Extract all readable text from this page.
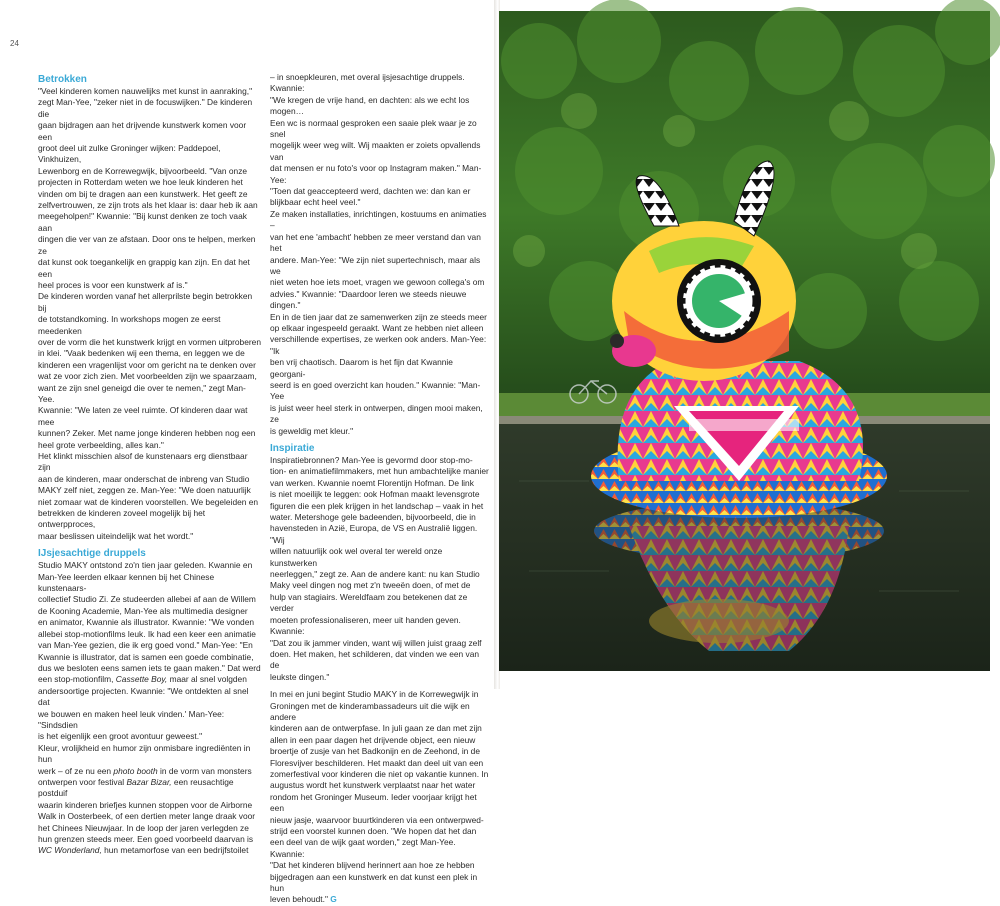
24
Betrokken
"Veel kinderen komen nauwelijks met kunst in aanraking,"
zegt Man-Yee, "zeker niet in de focuswijken." De kinderen die
gaan bijdragen aan het drijvende kunstwerk komen voor een
groot deel uit zulke Groninger wijken: Paddepoel, Vinkhuizen,
Lewenborg en de Korrewegwijk, bijvoorbeeld. "Van onze
projecten in Rotterdam weten we hoe leuk kinderen het
vinden om bij te dragen aan een kunstwerk. Het geeft ze
zelfvertrouwen, ze zijn trots als het klaar is: daar heb ik aan
meegeholpen!" Kwannie: "Bij kunst denken ze toch vaak aan
dingen die ver van ze afstaan. Door ons te helpen, merken ze
dat kunst ook toegankelijk en grappig kan zijn. En dat het een
heel proces is voor een kunstwerk af is."
De kinderen worden vanaf het allerprilste begin betrokken bij
de totstandkoming. In workshops mogen ze eerst meedenken
over de vorm die het kunstwerk krijgt en vormen uitproberen
in klei. "Vaak bedenken wij een thema, en leggen we de
kinderen een vragenlijst voor om gericht na te denken over
wat ze voor zich zien. Met voorbeelden zijn we spaarzaam,
want ze zijn snel geneigd die over te nemen," zegt Man-Yee.
Kwannie: "We laten ze veel ruimte. Of kinderen daar wat mee
kunnen? Zeker. Met name jonge kinderen hebben nog een
heel grote verbeelding, alles kan."
Het klinkt misschien alsof de kunstenaars erg dienstbaar zijn
aan de kinderen, maar onderschat de inbreng van Studio
MAKY zelf niet, zeggen ze. Man-Yee: "We doen natuurlijk
niet zomaar wat de kinderen voorstellen. We begeleiden en
betrekken de kinderen zoveel mogelijk bij het ontwerpproces,
maar beslissen uiteindelijk wat het wordt."
IJsjesachtige druppels
Studio MAKY ontstond zo'n tien jaar geleden. Kwannie en
Man-Yee leerden elkaar kennen bij het Chinese kunstenaars-
collectief Studio Zi. Ze studeerden allebei af aan de Willem
de Kooning Academie, Man-Yee als multimedia designer
en animator, Kwannie als illustrator. Kwannie: "We vonden
allebei stop-motionfilms leuk. Ik had een keer een animatie
van Man-Yee gezien, die ik erg goed vond." Man-Yee: "En
Kwannie is illustrator, dat is samen een goede combinatie,
dus we besloten eens samen iets te gaan maken." Dat werd
een stop-motionfilm, Cassette Boy, maar al snel volgden
andersoortige projecten. Kwannie: "We ontdekten al snel dat
we bouwen en maken heel leuk vinden.' Man-Yee: "Sindsdien
is het eigenlijk een groot avontuur geweest."
Kleur, vrolijkheid en humor zijn onmisbare ingrediënten in hun
werk – of ze nu een photo booth in de vorm van monsters
ontwerpen voor festival Bazar Bizar, een reusachtige postduif
waarin kinderen briefjes kunnen stoppen voor de Airborne
Walk in Oosterbeek, of een dertien meter lange draak voor
het Chinees Nieuwjaar. In de loop der jaren verlegden ze
hun grenzen steeds meer. Een goed voorbeeld daarvan is
WC Wonderland, hun metamorfose van een bedrijfstoilet
– in snoepkleuren, met overal ijsjesachtige druppels. Kwannie:
"We kregen de vrije hand, en dachten: als we echt los mogen…
Een wc is normaal gesproken een saaie plek waar je zo snel
mogelijk weer weg wilt. Wij maakten er zoiets opvallends van
dat mensen er nu foto's voor op Instagram maken." Man-Yee:
"Toen dat geaccepteerd werd, dachten we: dan kan er
blijkbaar echt heel veel."
Ze maken installaties, inrichtingen, kostuums en animaties –
van het ene 'ambacht' hebben ze meer verstand dan van het
andere. Man-Yee: "We zijn niet supertechnisch, maar als we
niet weten hoe iets moet, vragen we gewoon collega's om
advies." Kwannie: "Daardoor leren we steeds nieuwe dingen."
En in de tien jaar dat ze samenwerken zijn ze steeds meer
op elkaar ingespeeld geraakt. Want ze hebben niet alleen
verschillende expertises, ze werken ook anders. Man-Yee: "Ik
ben vrij chaotisch. Daarom is het fijn dat Kwannie georgani-
seerd is en goed overzicht kan houden." Kwannie: "Man-Yee
is juist weer heel sterk in ontwerpen, dingen mooi maken, ze
is geweldig met kleur."
Inspiratie
Inspiratiebronnen? Man-Yee is gevormd door stop-mo-
tion- en animatiefilmmakers, met hun ambachtelijke manier
van werken. Kwannie noemt Florentijn Hofman. De link
is niet moeilijk te leggen: ook Hofman maakt levensgrote
figuren die een plek krijgen in het landschap – vaak in het
water. Metershoge gele badeenden, bijvoorbeeld, die in
havensteden in Azië, Europa, de VS en Australië liggen. "Wij
willen natuurlijk ook wel overal ter wereld onze kunstwerken
neerleggen," zegt ze. Aan de andere kant: nu kan Studio
Maky veel dingen nog met z'n tweeën doen, of met de
hulp van stagiairs. Wereldfaam zou betekenen dat ze verder
moeten professionaliseren, meer uit handen geven. Kwannie:
"Dat zou ik jammer vinden, want wij willen juist graag zelf
doen. Het maken, het schilderen, dat vinden we een van de
leukste dingen."
In mei en juni begint Studio MAKY in de Korrewegwijk in
Groningen met de kinderambassadeurs uit die wijk en andere
kinderen aan de ontwerpfase. In juli gaan ze dan met zijn
allen in een paar dagen het drijvende object, een nieuw
broertje of zusje van het Badkonijn en de Zeehond, in de
Floresvijver beschilderen. Het maakt dan deel uit van een
zomerfestival voor kinderen die niet op vakantie kunnen. In
augustus wordt het kunstwerk verplaatst naar het water
rondom het Groninger Museum. Ieder voorjaar krijgt het een
nieuw jasje, waarvoor buurtkinderen via een ontwerpwed-
strijd een voorstel kunnen doen. "We hopen dat het dan
een deel van de wijk gaat worden," zegt Man-Yee. Kwannie:
"Dat het kinderen blijvend herinnert aan hoe ze hebben
bijgedragen aan een kunstwerk en dat kunst een plek in hun
leven behoudt." G
